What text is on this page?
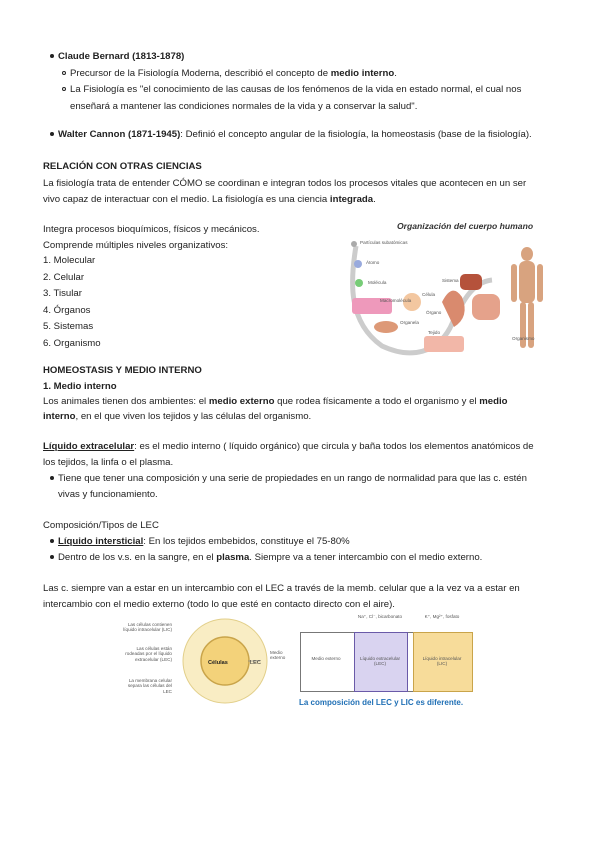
Claude Bernard (1813-1878)
Precursor de la Fisiología Moderna, describió el concepto de medio interno.
La Fisiología es "el conocimiento de las causas de los fenómenos de la vida en estado normal, el cual nos
enseñará a mantener las condiciones normales de la vida y a conservar la salud".
Walter Cannon (1871-1945): Definió el concepto angular de la fisiología, la homeostasis (base de la fisiología).
RELACIÓN CON OTRAS CIENCIAS
La fisiología trata de entender CÓMO se coordinan e integran todos los procesos vitales que acontecen en un ser
vivo capaz de interactuar con el medio. La fisiología es una ciencia integrada.
Integra procesos bioquímicos, físicos y mecánicos.
Comprende múltiples niveles organizativos:
1. Molecular
2. Celular
3. Tisular
4. Órganos
5. Sistemas
6. Organismo
Organización del cuerpo humano
Partículas subatómicas
Átomo
Molécula
Macromolécula
Organela
Célula
Tejido
Órgano
Sistema
Organismo
HOMEOSTASIS Y MEDIO INTERNO
1. Medio interno
Los animales tienen dos ambientes: el medio externo que rodea físicamente a todo el organismo y el medio
interno, en el que viven los tejidos y las células del organismo.
Líquido extracelular: es el medio interno ( líquido orgánico) que circula y baña todos los elementos anatómicos de
los tejidos, la linfa o el plasma.
Tiene que tener una composición y una serie de propiedades en un rango de normalidad para que las c. estén
vivas y funcionamiento.
Composición/Tipos de LEC
Líquido intersticial: En los tejidos embebidos, constituye el 75-80%
Dentro de los v.s. en la sangre, en el plasma. Siempre va a tener intercambio con el medio externo.
Las c. siempre van a estar en un intercambio con el LEC a través de la memb. celular que a la vez va a estar en
intercambio con el medio externo (todo lo que esté en contacto directo con el aire).
Células	LEC
Medio externo
Las células contienen líquido intracelular (LIC)
Las células están rodeadas por el líquido extracelular (LEC)
La membrana celular separa las células del LEC
Na⁺, Cl⁻, bicarbonato	K⁺, Mg²⁺, fosfato
Medio externo	Líquido extracelular (LEC)
Líquido intracelular (LIC)
La composición del LEC y LIC es diferente.
